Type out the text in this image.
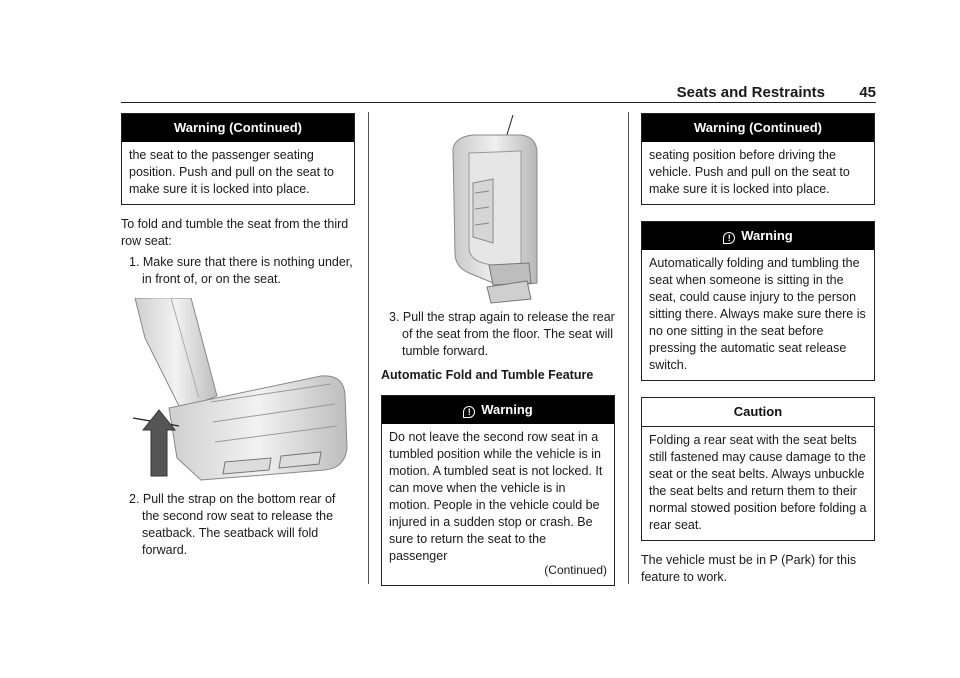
Seats and Restraints 45
Warning (Continued)

the seat to the passenger seating position. Push and pull on the seat to make sure it is locked into place.

To fold and tumble the seat from the third row seat:

1. Make sure that there is nothing under, in front of, or on the seat.

2. Pull the strap on the bottom rear of the second row seat to release the seatback. The seatback will fold forward.

3. Pull the strap again to release the rear of the seat from the floor. The seat will tumble forward.

Automatic Fold and Tumble Feature

! Warning

Do not leave the second row seat in a tumbled position while the vehicle is in motion. A tumbled seat is not locked. It can move when the vehicle is in motion. People in the vehicle could be injured in a sudden stop or crash. Be sure to return the seat to the passenger

(Continued)

Warning (Continued)

seating position before driving the vehicle. Push and pull on the seat to make sure it is locked into place.

! Warning

Automatically folding and tumbling the seat when someone is sitting in the seat, could cause injury to the person sitting there. Always make sure there is no one sitting in the seat before pressing the automatic seat release switch.

Caution

Folding a rear seat with the seat belts still fastened may cause damage to the seat or the seat belts. Always unbuckle the seat belts and return them to their normal stowed position before folding a rear seat.

The vehicle must be in P (Park) for this feature to work.
